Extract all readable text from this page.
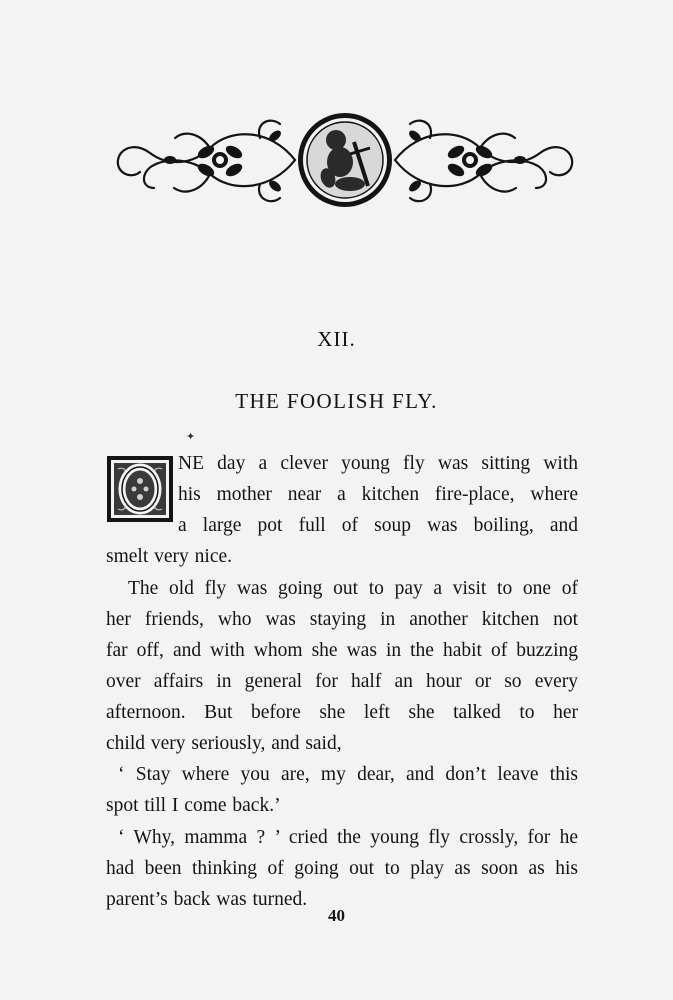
XII.
THE FOOLISH FLY.
✦
NE day a clever young fly was sitting with
his mother near a kitchen fire-place, where
a large pot full of soup was boiling, and
smelt very nice.
The old fly was going out to pay a visit to one of
her friends, who was staying in another kitchen not
far off, and with whom she was in the habit of buzzing
over affairs in general for half an hour or so every
afternoon. But before she left she talked to her
child very seriously, and said,
‘ Stay where you are, my dear, and don’t leave this
spot till I come back.’
‘ Why, mamma ? ’ cried the young fly crossly, for he
had been thinking of going out to play as soon as his
parent’s back was turned.
40
